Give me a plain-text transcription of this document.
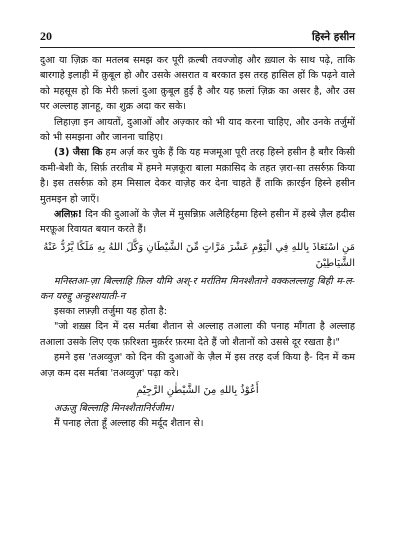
20	हिस्ने हसीन

दुआ या ज़िक्र का मतलब समझ कर पूरी क़ल्बी तवज्जोह और ख़्याल के साथ पढ़े, ताकि बारगाहे इलाही में क़ुबूल हो और उसके असरात व बरकात इस तरह हासिल हों कि पढ़ने वाले को महसूस हो कि मेरी फ़लां दुआ क़ुबूल हुई है और यह फ़लां ज़िक्र का असर है, और उस पर अल्लाह ज्ञानहू, का शुक्र अदा कर सके।

लिहाज़ा इन आयतों, दुआओं और अज़्कार को भी याद करना चाहिए, और उनके तर्जुमों को भी समझना और जानना चाहिए।

(3) जैसा कि हम अर्ज़ कर चुके हैं कि यह मजमूआ पूरी तरह हिस्ने हसीन है बग़ैर किसी कमी-बेशी के, सिर्फ़ तरतीब में हमने मज़कूरा बाला मक़ासिद के तहत ज़रा-सा तसर्रुफ़ किया है। इस तसर्रुफ़ को हम मिसाल देकर वाज़ेह कर देना चाहते हैं ताकि क़ारईन हिस्ने हसीन मुतमइन हो जाएँ।

अलिफ़! दिन की दुआओं के ज़ैल में मुसन्निफ़ अलैहिर्रहमा हिस्ने हसीन में हस्बे ज़ैल हदीस मरफ़ूअ रिवायत बयान करते हैं।

مَنِ اسْتَعَاذَ بِاللهِ فِي الْيَوْمِ عَشْرَ مَرَّاتٍ مِّنَ الشَّيْطَانِ وَكَّلَ اللهُ بِهِ مَلَكًا يَّرُدُّ عَنْهُ
الشَّيَاطِيْنَ

मनिस्तआ-ज़ा बिल्लाहि फ़िल यौमि अश्-र मर्रातिम मिनश्शैताने वक्कलल्लाहु बिही म-ल-कन यरुद्दु अन्हुश्शयाती-न

इसका लफ़्ज़ी तर्जुमा यह होता है:

"जो शख़्स दिन में दस मर्तबा शैतान से अल्लाह तआला की पनाह माँगता है अल्लाह तआला उसके लिए एक फ़रिश्ता मुक़र्रर फ़रमा देते हैं जो शैतानों को उससे दूर रखता है।"

हमने इस 'तअव्वुज़' को दिन की दुआओं के ज़ैल में इस तरह दर्ज किया है- दिन में कम अज़ कम दस मर्तबा 'तअव्वुज़' पढ़ा करे।

أَعُوْذُ بِاللهِ مِنَ الشَّيْطٰنِ الرَّجِيْمِ

अऊज़ु बिल्लाहि मिनश्शैतानिर्रजीम।

मैं पनाह लेता हूँ अल्लाह की मर्दूद शैतान से।
